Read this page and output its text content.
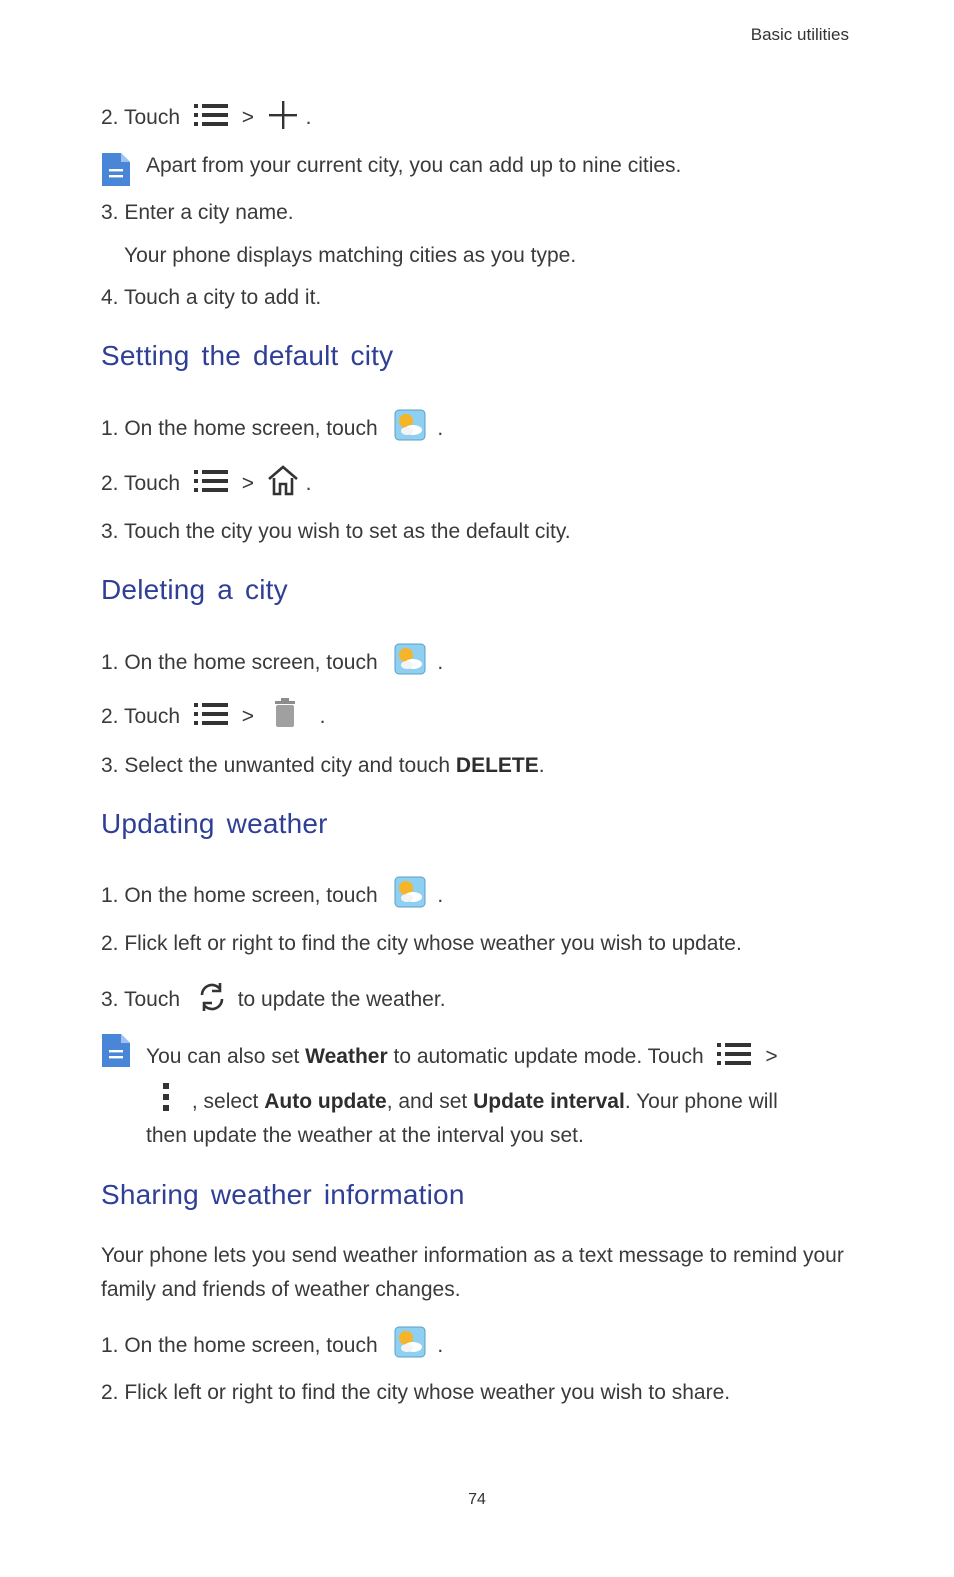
Basic utilities
2. Touch	> .
Apart from your current city, you can add up to nine cities.
3. Enter a city name.
Your phone displays matching cities as you type.
4. Touch a city to add it.
Setting the default city
1. On the home screen, touch	.
2. Touch	> .
3. Touch the city you wish to set as the default city.
Deleting a city
1. On the home screen, touch	.
2. Touch	>	.
3. Select the unwanted city and touch DELETE.
Updating weather
1. On the home screen, touch	.
2. Flick left or right to find the city whose weather you wish to update.
3. Touch	to update the weather.
You can also set Weather to automatic update mode. Touch	>
, select Auto update, and set Update interval. Your phone will
then update the weather at the interval you set.
Sharing weather information
Your phone lets you send weather information as a text message to remind your family and friends of weather changes.
1. On the home screen, touch	.
2. Flick left or right to find the city whose weather you wish to share.
74
